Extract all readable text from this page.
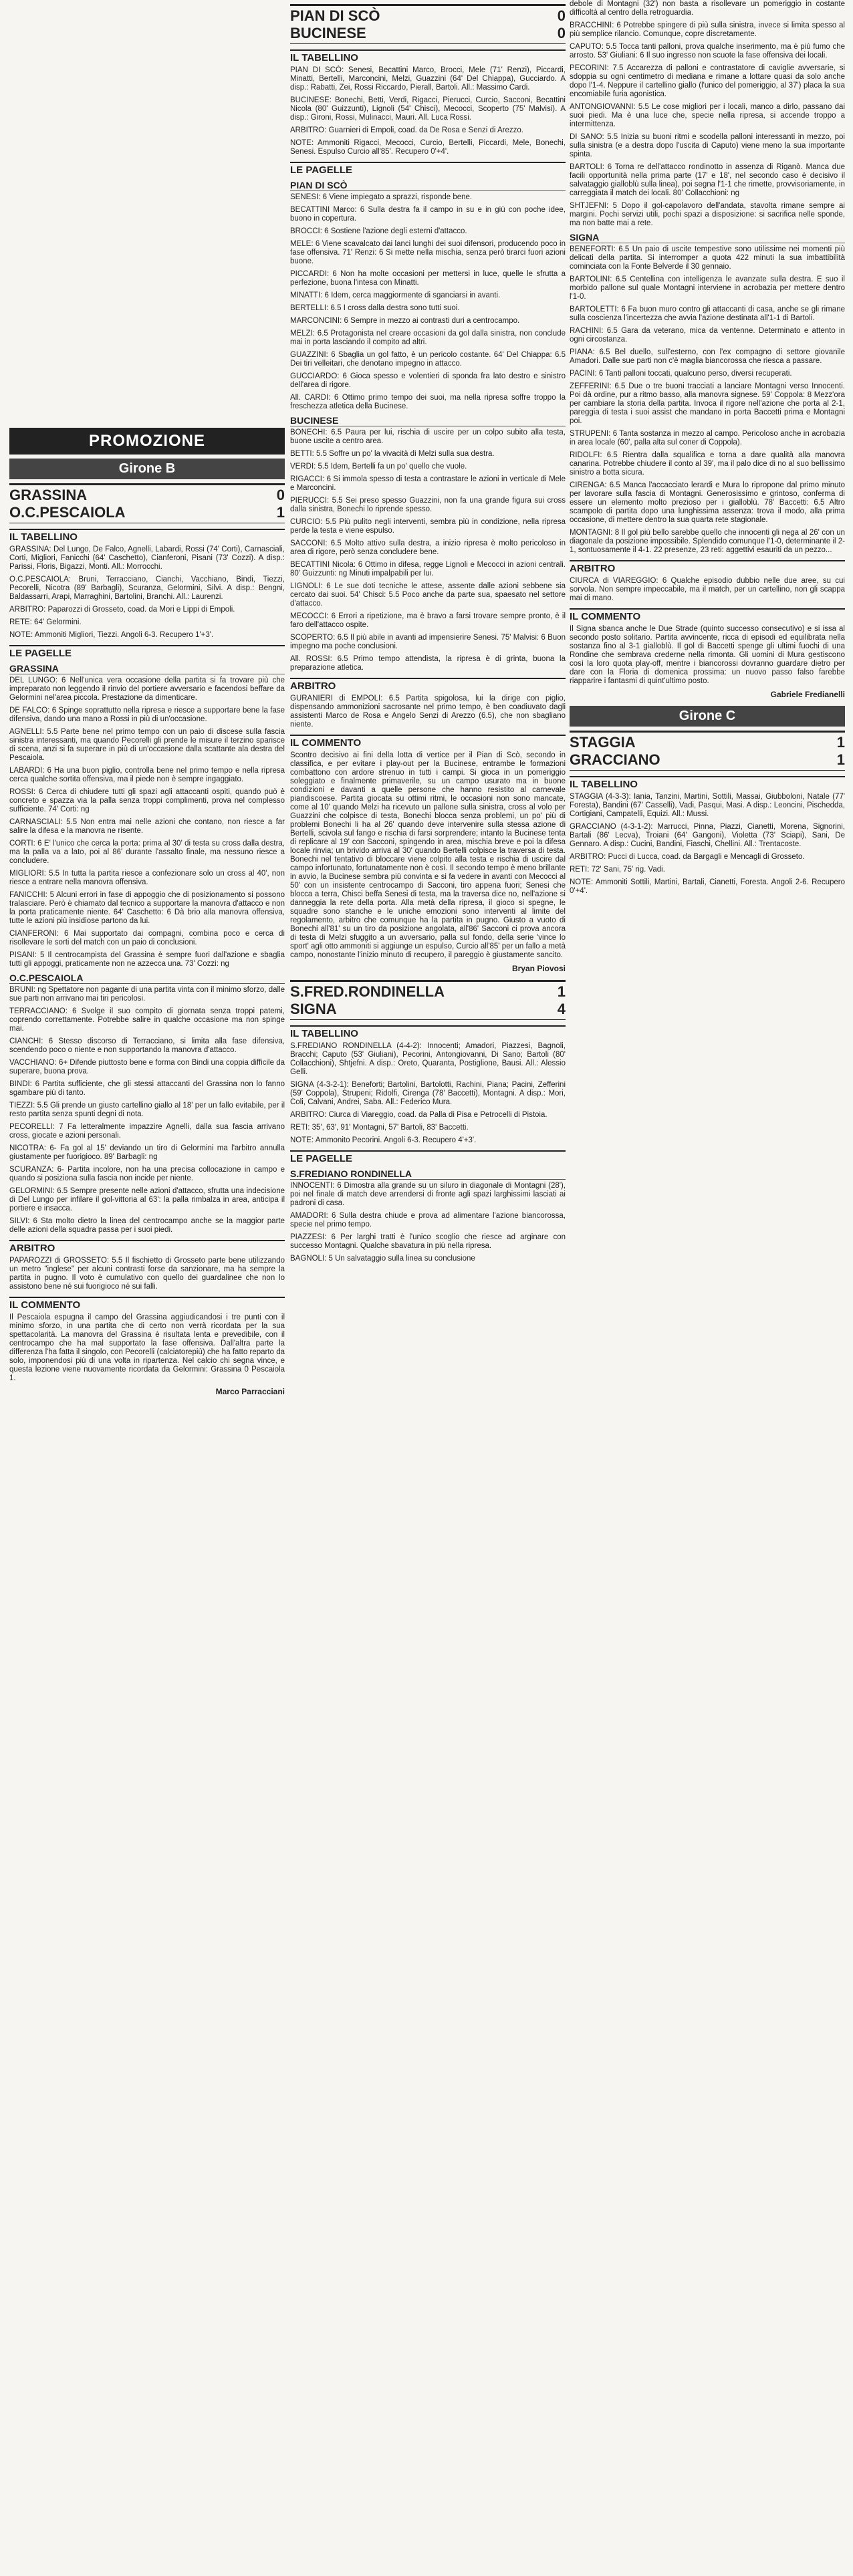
PROMOZIONE
Girone B
GRASSINA	0
O.C.PESCAIOLA	1
IL TABELLINO

GRASSINA: Del Lungo, De Falco, Agnelli, Labardi, Rossi (74' Corti), Carnasciali, Corti, Migliori, Fanicchi (64' Caschetto), Cianferoni, Pisani (73' Cozzi). A disp.: Parissi, Floris, Bigazzi, Monti. All.: Morrocchi.

O.C.PESCAIOLA: Bruni, Terracciano, Cianchi, Vacchiano, Bindi, Tiezzi, Pecorelli, Nicotra (89' Barbagli), Scuranza, Gelormini, Silvi. A disp.: Bengni, Baldassarri, Arapi, Marraghini, Bartolini, Branchi. All.: Laurenzi.

ARBITRO: Paparozzi di Grosseto, coad. da Mori e Lippi di Empoli.

RETE: 64' Gelormini.

NOTE: Ammoniti Migliori, Tiezzi. Angoli 6-3. Recupero 1'+3'.

LE PAGELLE
GRASSINA

DEL LUNGO: 6 Nell'unica vera occasione della partita si fa trovare più che impreparato non leggendo il rinvio del portiere avversario e facendosi beffare da Gelormini nel'area piccola. Prestazione da dimenticare.

DE FALCO: 6 Spinge soprattutto nella ripresa e riesce a supportare bene la fase difensiva, dando una mano a Rossi in più di un'occasione.

AGNELLI: 5.5 Parte bene nel primo tempo con un paio di discese sulla fascia sinistra interessanti, ma quando Pecorelli gli prende le misure il terzino sparisce di scena, anzi si fa superare in più di un'occasione dalla scattante ala destra del Pescaiola.

LABARDI: 6 Ha una buon piglio, controlla bene nel primo tempo e nella ripresa cerca qualche sortita offensiva, ma il piede non è sempre ingaggiato.

ROSSI: 6 Cerca di chiudere tutti gli spazi agli attaccanti ospiti, quando può è concreto e spazza via la palla senza troppi complimenti, prova nel complesso sufficiente. 74' Corti: ng

CARNASCIALI: 5.5 Non entra mai nelle azioni che contano, non riesce a far salire la difesa e la manovra ne risente.

CORTI: 6 E' l'unico che cerca la porta: prima al 30' di testa su cross dalla destra, ma la palla va a lato, poi al 86' durante l'assalto finale, ma nessuno riesce a concludere.

MIGLIORI: 5.5 In tutta la partita riesce a confezionare solo un cross al 40', non riesce a entrare nella manovra offensiva.

FANICCHI: 5 Alcuni errori in fase di appoggio che di posizionamento si possono tralasciare. Però è chiamato dal tecnico a supportare la manovra d'attacco e non la porta praticamente niente. 64' Caschetto: 6 Dà brio alla manovra offensiva, tutte le azioni più insidiose partono da lui.

CIANFERONI: 6 Mai supportato dai compagni, combina poco e cerca di risollevare le sorti del match con un paio di conclusioni.

PISANI: 5 Il centrocampista del Grassina è sempre fuori dall'azione e sbaglia tutti gli appoggi, praticamente non ne azzecca una. 73' Cozzi: ng

O.C.PESCAIOLA

BRUNI: ng Spettatore non pagante di una partita vinta con il minimo sforzo, dalle sue parti non arrivano mai tiri pericolosi.

TERRACCIANO: 6 Svolge il suo compito di giornata senza troppi patemi, coprendo correttamente. Potrebbe salire in qualche occasione ma non spinge mai.

CIANCHI: 6 Stesso discorso di Terracciano, si limita alla fase difensiva, scendendo poco o niente e non supportando la manovra d'attacco.

VACCHIANO: 6+ Difende piuttosto bene e forma con Bindi una coppia difficile da superare, buona prova.

BINDI: 6 Partita sufficiente, che gli stessi attaccanti del Grassina non lo fanno sgambare più di tanto.

TIEZZI: 5.5 Gli prende un giusto cartellino giallo al 18' per un fallo evitabile, per il resto partita senza spunti degni di nota.

PECORELLI: 7 Fa letteralmente impazzire Agnelli, dalla sua fascia arrivano cross, giocate e azioni personali.

NICOTRA: 6- Fa gol al 15' deviando un tiro di Gelormini ma l'arbitro annulla giustamente per fuorigioco. 89' Barbagli: ng

SCURANZA: 6- Partita incolore, non ha una precisa collocazione in campo e quando si posiziona sulla fascia non incide per niente.

GELORMINI: 6.5 Sempre presente nelle azioni d'attacco, sfrutta una indecisione di Del Lungo per infilare il gol-vittoria al 63': la palla rimbalza in area, anticipa il portiere e insacca.

SILVI: 6 Sta molto dietro la linea del centrocampo anche se la maggior parte delle azioni della squadra passa per i suoi piedi.

ARBITRO

PAPAROZZI di GROSSETO: 5.5 Il fischietto di Grosseto parte bene utilizzando un metro "inglese" per alcuni contrasti forse da sanzionare, ma ha sempre la partita in pugno. Il voto è cumulativo con quello dei guardalinee che non lo assistono bene né sui fuorigioco né sui falli.

IL COMMENTO

Il Pescaiola espugna il campo del Grassina aggiudicandosi i tre punti con il minimo sforzo, in una partita che di certo non verrà ricordata per la sua spettacolarità. La manovra del Grassina è risultata lenta e prevedibile, con il centrocampo che ha mal supportato la fase offensiva. Dall'altra parte la differenza l'ha fatta il singolo, con Pecorelli (calciatorepiù) che ha fatto reparto da solo, imponendosi più di una volta in ripartenza. Nel calcio chi segna vince, e questa lezione viene nuovamente ricordata da Gelormini: Grassina 0 Pescaiola 1.

Marco Parracciani
PIAN DI SCÒ	0
BUCINESE	0
IL TABELLINO

PIAN DI SCÒ: Senesi, Becattini Marco, Brocci, Mele (71' Renzi), Piccardi, Minatti, Bertelli, Marconcini, Melzi, Guazzini (64' Del Chiappa), Gucciardo. A disp.: Rabatti, Zei, Rossi Riccardo, Pierall, Bartoli. All.: Massimo Cardi.

BUCINESE: Bonechi, Betti, Verdi, Rigacci, Pierucci, Curcio, Sacconi, Becattini Nicola (80' Guizzunti), Lignoli (54' Chisci), Mecocci, Scoperto (75' Malvisi). A disp.: Gironi, Rossi, Mulinacci, Mauri. All. Luca Rossi.

ARBITRO: Guarnieri di Empoli, coad. da De Rosa e Senzi di Arezzo.

NOTE: Ammoniti Rigacci, Mecocci, Curcio, Bertelli, Piccardi, Mele, Bonechi, Senesi. Espulso Curcio all'85'. Recupero 0'+4'.

LE PAGELLE
PIAN DI SCÒ

SENESI: 6 Viene impiegato a sprazzi, risponde bene.

BECATTINI Marco: 6 Sulla destra fa il campo in su e in giù con poche idee, buono in copertura.

BROCCI: 6 Sostiene l'azione degli esterni d'attacco.

MELE: 6 Viene scavalcato dai lanci lunghi dei suoi difensori, producendo poco in fase offensiva. 71' Renzi: 6 Si mette nella mischia, senza però tirarci fuori azioni buone.

PICCARDI: 6 Non ha molte occasioni per mettersi in luce, quelle le sfrutta a perfezione, buona l'intesa con Minatti.

MINATTI: 6 Idem, cerca maggiormente di sganciarsi in avanti.

BERTELLI: 6.5 I cross dalla destra sono tutti suoi.

MARCONCINI: 6 Sempre in mezzo ai contrasti duri a centrocampo.

MELZI: 6.5 Protagonista nel creare occasioni da gol dalla sinistra, non conclude mai in porta lasciando il compito ad altri.

GUAZZINI: 6 Sbaglia un gol fatto, è un pericolo costante. 64' Del Chiappa: 6.5 Dei tiri velleitari, che denotano impegno in attacco.

GUCCIARDO: 6 Gioca spesso e volentieri di sponda fra lato destro e sinistro dell'area di rigore.

All. CARDI: 6 Ottimo primo tempo dei suoi, ma nella ripresa soffre troppo la freschezza atletica della Bucinese.

BUCINESE

BONECHI: 6.5 Paura per lui, rischia di uscire per un colpo subito alla testa, buone uscite a centro area.

BETTI: 5.5 Soffre un po' la vivacità di Melzi sulla sua destra.

VERDI: 5.5 Idem, Bertelli fa un po' quello che vuole.

RIGACCI: 6 Si immola spesso di testa a contrastare le azioni in verticale di Mele e Marconcini.

PIERUCCI: 5.5 Sei preso spesso Guazzini, non fa una grande figura sui cross dalla sinistra, Bonechi lo riprende spesso.

CURCIO: 5.5 Più pulito negli interventi, sembra più in condizione, nella ripresa perde la testa e viene espulso.

SACCONI: 6.5 Molto attivo sulla destra, a inizio ripresa è molto pericoloso in area di rigore, però senza concludere bene.

BECATTINI Nicola: 6 Ottimo in difesa, regge Lignoli e Mecocci in azioni centrali. 80' Guizzunti: ng Minuti impalpabili per lui.

LIGNOLI: 6 Le sue doti tecniche le attese, assente dalle azioni sebbene sia cercato dai suoi. 54' Chisci: 5.5 Poco anche da parte sua, spaesato nel settore d'attacco.

MECOCCI: 6 Errori a ripetizione, ma è bravo a farsi trovare sempre pronto, è il faro dell'attacco ospite.

SCOPERTO: 6.5 Il più abile in avanti ad impensierire Senesi. 75' Malvisi: 6 Buon impegno ma poche conclusioni.

All. ROSSI: 6.5 Primo tempo attendista, la ripresa è di grinta, buona la preparazione atletica.

ARBITRO

GURANIERI di EMPOLI: 6.5 Partita spigolosa, lui la dirige con piglio, dispensando ammonizioni sacrosante nel primo tempo, è ben coadiuvato dagli assistenti Marco de Rosa e Angelo Senzi di Arezzo (6.5), che non sbagliano niente.

IL COMMENTO

Scontro decisivo ai fini della lotta di vertice per il Pian di Scò, secondo in classifica, e per evitare i play-out per la Bucinese, entrambe le formazioni combattono con ardore strenuo in tutti i campi. Si gioca in un pomeriggio soleggiato e finalmente primaverile, su un campo usurato ma in buone condizioni e davanti a quelle persone che hanno resistito al carnevale piandiscoese. Partita giocata su ottimi ritmi, le occasioni non sono mancate, come al 10' quando Melzi ha ricevuto un pallone sulla sinistra, cross al volo per Guazzini che colpisce di testa, Bonechi blocca senza problemi, un po' più di problemi Bonechi li ha al 26' quando deve intervenire sulla stessa azione di Bertelli, scivola sul fango e rischia di farsi sorprendere; intanto la Bucinese tenta di replicare al 19' con Sacconi, spingendo in area, mischia breve e poi la difesa locale rinvia; un brivido arriva al 30' quando Bertelli colpisce la traversa di testa. Bonechi nel tentativo di bloccare viene colpito alla testa e rischia di uscire dal campo infortunato, fortunatamente non è così. Il secondo tempo è meno brillante in avvio, la Bucinese sembra più convinta e si fa vedere in avanti con Mecocci al 50' con un insistente centrocampo di Sacconi, tiro appena fuori; Senesi che blocca a terra, Chisci beffa Senesi di testa, ma la traversa dice no, nell'azione si danneggia la rete della porta. Alla metà della ripresa, il gioco si spegne, le squadre sono stanche e le uniche emozioni sono interventi al limite del regolamento, arbitro che comunque ha la partita in pugno. Giusto a vuoto di Bonechi all'81' su un tiro da posizione angolata, all'86' Sacconi ci prova ancora di testa di Melzi sfuggito a un avversario, palla sul fondo, della serie 'vince lo sport' agli otto ammoniti si aggiunge un espulso, Curcio all'85' per un fallo a metà campo, nonostante l'inizio minuto di recupero, il pareggio è giustamente sancito.

Bryan Piovosi
S.FRED.RONDINELLA	1
SIGNA	4
IL TABELLINO

S.FREDIANO RONDINELLA (4-4-2): Innocenti; Amadori, Piazzesi, Bagnoli, Bracchi; Caputo (53' Giuliani), Pecorini, Antongiovanni, Di Sano; Bartoli (80' Collacchioni), Shtjefni. A disp.: Oreto, Quaranta, Postiglione, Bausi. All.: Alessio Gelli.

SIGNA (4-3-2-1): Beneforti; Bartolini, Bartolotti, Rachini, Piana; Pacini, Zefferini (59' Coppola), Strupeni; Ridolfi, Cirenga (78' Baccetti), Montagni. A disp.: Mori, Coli, Calvani, Andrei, Saba. All.: Federico Mura.

ARBITRO: Ciurca di Viareggio, coad. da Palla di Pisa e Petrocelli di Pistoia.

RETI: 35', 63', 91' Montagni, 57' Bartoli, 83' Baccetti.

NOTE: Ammonito Pecorini. Angoli 6-3. Recupero 4'+3'.

LE PAGELLE
S.FREDIANO RONDINELLA

INNOCENTI: 6 Dimostra alla grande su un siluro in diagonale di Montagni (28'), poi nel finale di match deve arrendersi di fronte agli spazi larghissimi lasciati ai padroni di casa.

AMADORI: 6 Sulla destra chiude e prova ad alimentare l'azione biancorossa, specie nel primo tempo.

PIAZZESI: 6 Per larghi tratti è l'unico scoglio che riesce ad arginare con successo Montagni. Qualche sbavatura in più nella ripresa.

BAGNOLI: 5 Un salvataggio sulla linea su conclusione

debole di Montagni (32') non basta a risollevare un pomeriggio in costante difficoltà al centro della retroguardia.

BRACCHINI: 6 Potrebbe spingere di più sulla sinistra, invece si limita spesso al più semplice rilancio. Comunque, copre discretamente.

CAPUTO: 5.5 Tocca tanti palloni, prova qualche inserimento, ma è più fumo che arrosto. 53' Giuliani: 6 Il suo ingresso non scuote la fase offensiva dei locali.

PECORINI: 7.5 Accarezza di palloni e contrastatore di caviglie avversarie, si sdoppia su ogni centimetro di mediana e rimane a lottare quasi da solo anche dopo l'1-4. Neppure il cartellino giallo (l'unico del pomeriggio, al 37') placa la sua encomiabile furia agonistica.

ANTONGIOVANNI: 5.5 Le cose migliori per i locali, manco a dirlo, passano dai suoi piedi. Ma è una luce che, specie nella ripresa, si accende troppo a intermittenza.

DI SANO: 5.5 Inizia su buoni ritmi e scodella palloni interessanti in mezzo, poi sulla sinistra (e a destra dopo l'uscita di Caputo) viene meno la sua importante spinta.

BARTOLI: 6 Torna re dell'attacco rondinotto in assenza di Riganò. Manca due facili opportunità nella prima parte (17' e 18', nel secondo caso è decisivo il salvataggio gialloblù sulla linea), poi segna l'1-1 che rimette, provvisoriamente, in carreggiata il match dei locali. 80' Collacchioni: ng

SHTJEFNI: 5 Dopo il gol-capolavoro dell'andata, stavolta rimane sempre ai margini. Pochi servizi utili, pochi spazi a disposizione: si sacrifica nelle sponde, ma non batte mai a rete.

SIGNA

BENEFORTI: 6.5 Un paio di uscite tempestive sono utilissime nei momenti più delicati della partita. Si interromper a quota 422 minuti la sua imbattibilità cominciata con la Fonte Belverde il 30 gennaio.

BARTOLINI: 6.5 Centellina con intelligenza le avanzate sulla destra. E suo il morbido pallone sul quale Montagni interviene in acrobazia per mettere dentro l'1-0.

BARTOLETTI: 6 Fa buon muro contro gli attaccanti di casa, anche se gli rimane sulla coscienza l'incertezza che avvia l'azione destinata all'1-1 di Bartoli.

RACHINI: 6.5 Gara da veterano, mica da ventenne. Determinato e attento in ogni circostanza.

PIANA: 6.5 Bel duello, sull'esterno, con l'ex compagno di settore giovanile Amadori. Dalle sue parti non c'è maglia biancorossa che riesca a passare.

PACINI: 6 Tanti palloni toccati, qualcuno perso, diversi recuperati.

ZEFFERINI: 6.5 Due o tre buoni tracciati a lanciare Montagni verso Innocenti. Poi dà ordine, pur a ritmo basso, alla manovra signese. 59' Coppola: 8 Mezz'ora per cambiare la storia della partita. Invoca il rigore nell'azione che porta al 2-1, pareggia di testa i suoi assist che mandano in porta Baccetti prima e Montagni poi.

STRUPENI: 6 Tanta sostanza in mezzo al campo. Pericoloso anche in acrobazia in area locale (60', palla alta sul coner di Coppola).

RIDOLFI: 6.5 Rientra dalla squalifica e torna a dare qualità alla manovra canarina. Potrebbe chiudere il conto al 39', ma il palo dice di no al suo bellissimo sinistro a botta sicura.

CIRENGA: 6.5 Manca l'accacciato lerardi e Mura lo ripropone dal primo minuto per lavorare sulla fascia di Montagni. Generosissimo e grintoso, conferma di essere un elemento molto prezioso per i gialloblù. 78' Baccetti: 6.5 Altro scampolo di partita dopo una lunghissima assenza: trova il modo, alla prima occasione, di mettere dentro la sua quarta rete stagionale.

MONTAGNI: 8 Il gol più bello sarebbe quello che innocenti gli nega al 26' con un diagonale da posizione impossibile. Splendido comunque l'1-0, determinante il 2-1, sontuosamente il 4-1. 22 presenze, 23 reti: aggettivi esauriti da un pezzo...

ARBITRO

CIURCA di VIAREGGIO: 6 Qualche episodio dubbio nelle due aree, su cui sorvola. Non sempre impeccabile, ma il match, per un cartellino, non gli scappa mai di mano.

IL COMMENTO

Il Signa sbanca anche le Due Strade (quinto successo consecutivo) e si issa al secondo posto solitario. Partita avvincente, ricca di episodi ed equilibrata nella sostanza fino al 3-1 gialloblù. Il gol di Baccetti spenge gli ultimi fuochi di una Rondine che sembrava crederne nella rimonta. Gli uomini di Mura gestiscono così la loro quota play-off, mentre i biancorossi dovranno guardare dietro per dare con la Floria di domenica prossima: un nuovo passo falso farebbe riapparire i fantasmi di quint'ultimo posto.

Gabriele Fredianelli
Girone C
STAGGIA	1
GRACCIANO	1
IL TABELLINO

STAGGIA (4-3-3): Iania, Tanzini, Martini, Sottili, Massai, Giubboloni, Natale (77' Foresta), Bandini (67' Casselli), Vadi, Pasqui, Masi. A disp.: Leoncini, Pischedda, Cortigiani, Campatelli, Equizi. All.: Mussi.

GRACCIANO (4-3-1-2): Marrucci, Pinna, Piazzi, Cianetti, Morena, Signorini, Bartali (86' Lecva), Troiani (64' Gangoni), Violetta (73' Sciapi), Sani, De Gennaro. A disp.: Cucini, Bandini, Fiaschi, Chellini. All.: Trentacoste.

ARBITRO: Pucci di Lucca, coad. da Bargagli e Mencagli di Grosseto.

RETI: 72' Sani, 75' rig. Vadi.

NOTE: Ammoniti Sottili, Martini, Bartali, Cianetti, Foresta. Angoli 2-6. Recupero 0'+4'.
